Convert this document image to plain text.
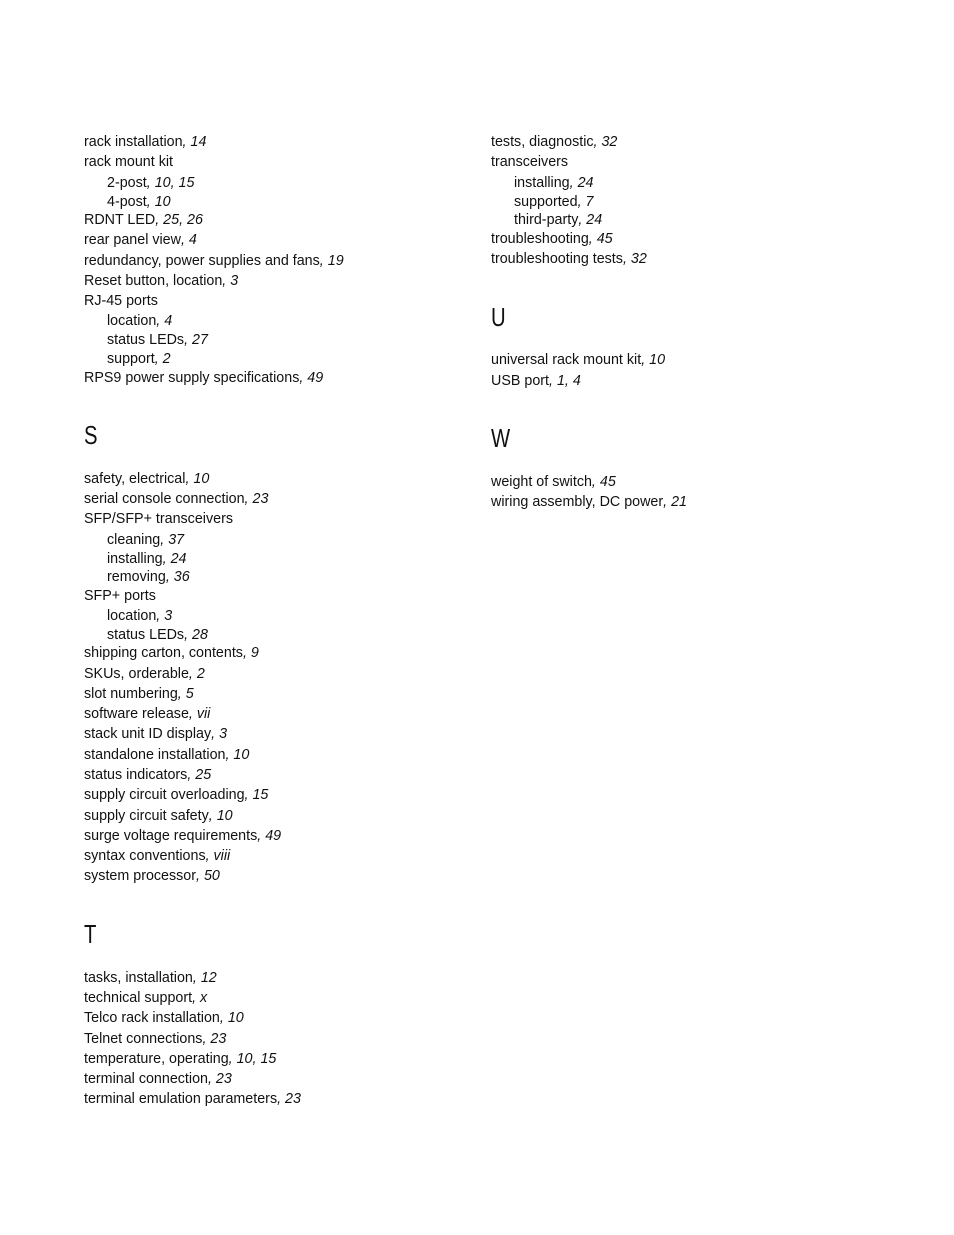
rack installation, 14
rack mount kit
2-post, 10, 15
4-post, 10
RDNT LED, 25, 26
rear panel view, 4
redundancy, power supplies and fans, 19
Reset button, location, 3
RJ-45 ports
location, 4
status LEDs, 27
support, 2
RPS9 power supply specifications, 49
S
safety, electrical, 10
serial console connection, 23
SFP/SFP+ transceivers
cleaning, 37
installing, 24
removing, 36
SFP+ ports
location, 3
status LEDs, 28
shipping carton, contents, 9
SKUs, orderable, 2
slot numbering, 5
software release, vii
stack unit ID display, 3
standalone installation, 10
status indicators, 25
supply circuit overloading, 15
supply circuit safety, 10
surge voltage requirements, 49
syntax conventions, viii
system processor, 50
T
tasks, installation, 12
technical support, x
Telco rack installation, 10
Telnet connections, 23
temperature, operating, 10, 15
terminal connection, 23
terminal emulation parameters, 23
tests, diagnostic, 32
transceivers
installing, 24
supported, 7
third-party, 24
troubleshooting, 45
troubleshooting tests, 32
U
universal rack mount kit, 10
USB port, 1, 4
W
weight of switch, 45
wiring assembly, DC power, 21
